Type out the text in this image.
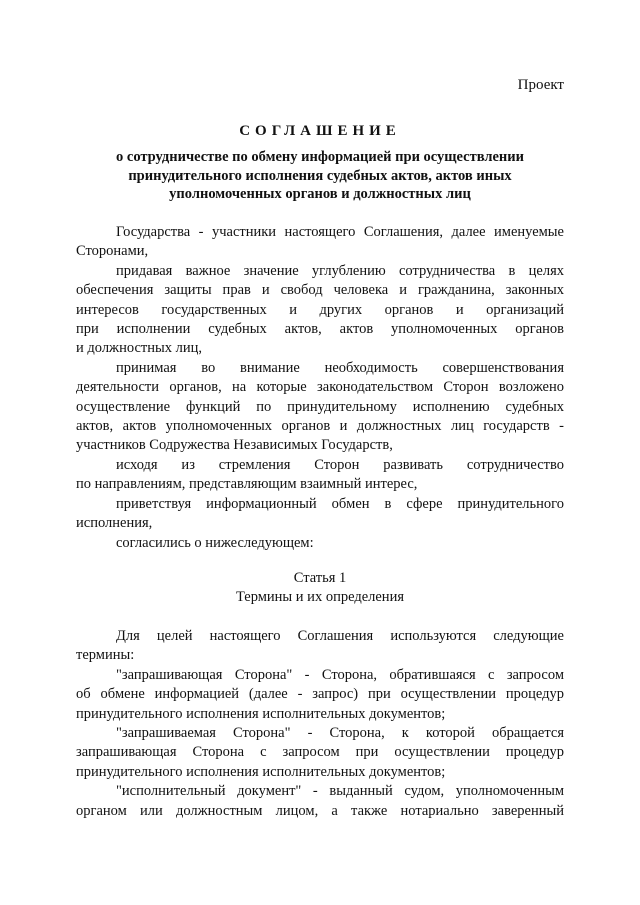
Проект
СОГЛАШЕНИЕ
о сотрудничестве по обмену информацией при осуществлении
принудительного исполнения судебных актов, актов иных
уполномоченных органов и должностных лиц
Государства - участники настоящего Соглашения, далее именуемые
Сторонами,
придавая важное значение углублению сотрудничества в целях
обеспечения защиты прав и свобод человека и гражданина, законных
интересов государственных и других органов и организаций
при исполнении судебных актов, актов уполномоченных органов
и должностных лиц,
принимая во внимание необходимость совершенствования
деятельности органов, на которые законодательством Сторон возложено
осуществление функций по принудительному исполнению судебных
актов, актов уполномоченных органов и должностных лиц государств -
участников Содружества Независимых Государств,
исходя из стремления Сторон развивать сотрудничество
по направлениям, представляющим взаимный интерес,
приветствуя информационный обмен в сфере принудительного
исполнения,
согласились о нижеследующем:
Статья 1
Термины и их определения
Для целей настоящего Соглашения используются следующие
термины:
"запрашивающая Сторона" - Сторона, обратившаяся с запросом
об обмене информацией (далее - запрос) при осуществлении процедур
принудительного исполнения исполнительных документов;
"запрашиваемая Сторона" - Сторона, к которой обращается
запрашивающая Сторона с запросом при осуществлении процедур
принудительного исполнения исполнительных документов;
"исполнительный документ" - выданный судом, уполномоченным
органом или должностным лицом, а также нотариально заверенный
